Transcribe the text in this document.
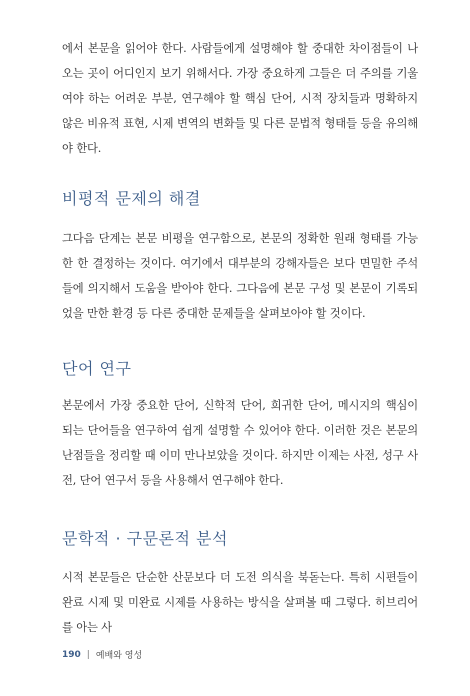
에서 본문을 읽어야 한다. 사람들에게 설명해야 할 중대한 차이점들이 나오는 곳이 어디인지 보기 위해서다. 가장 중요하게 그들은 더 주의를 기울여야 하는 어려운 부분, 연구해야 할 핵심 단어, 시적 장치들과 명확하지 않은 비유적 표현, 시제 변역의 변화들 및 다른 문법적 형태들 등을 유의해야 한다.

비평적 문제의 해결

그다음 단계는 본문 비평을 연구함으로, 본문의 정확한 원래 형태를 가능한 한 결정하는 것이다. 여기에서 대부분의 강해자들은 보다 면밀한 주석들에 의지해서 도움을 받아야 한다. 그다음에 본문 구성 및 본문이 기록되었을 만한 환경 등 다른 중대한 문제들을 살펴보아야 할 것이다.

단어 연구

본문에서 가장 중요한 단어, 신학적 단어, 희귀한 단어, 메시지의 핵심이 되는 단어들을 연구하여 쉽게 설명할 수 있어야 한다. 이러한 것은 본문의 난점들을 정리할 때 이미 만나보았을 것이다. 하지만 이제는 사전, 성구 사전, 단어 연구서 등을 사용해서 연구해야 한다.

문학적 · 구문론적 분석

시적 본문들은 단순한 산문보다 더 도전 의식을 북돋는다. 특히 시편들이 완료 시제 및 미완료 시제를 사용하는 방식을 살펴볼 때 그렇다. 히브리어를 아는 사

190 | 예배와 영성
